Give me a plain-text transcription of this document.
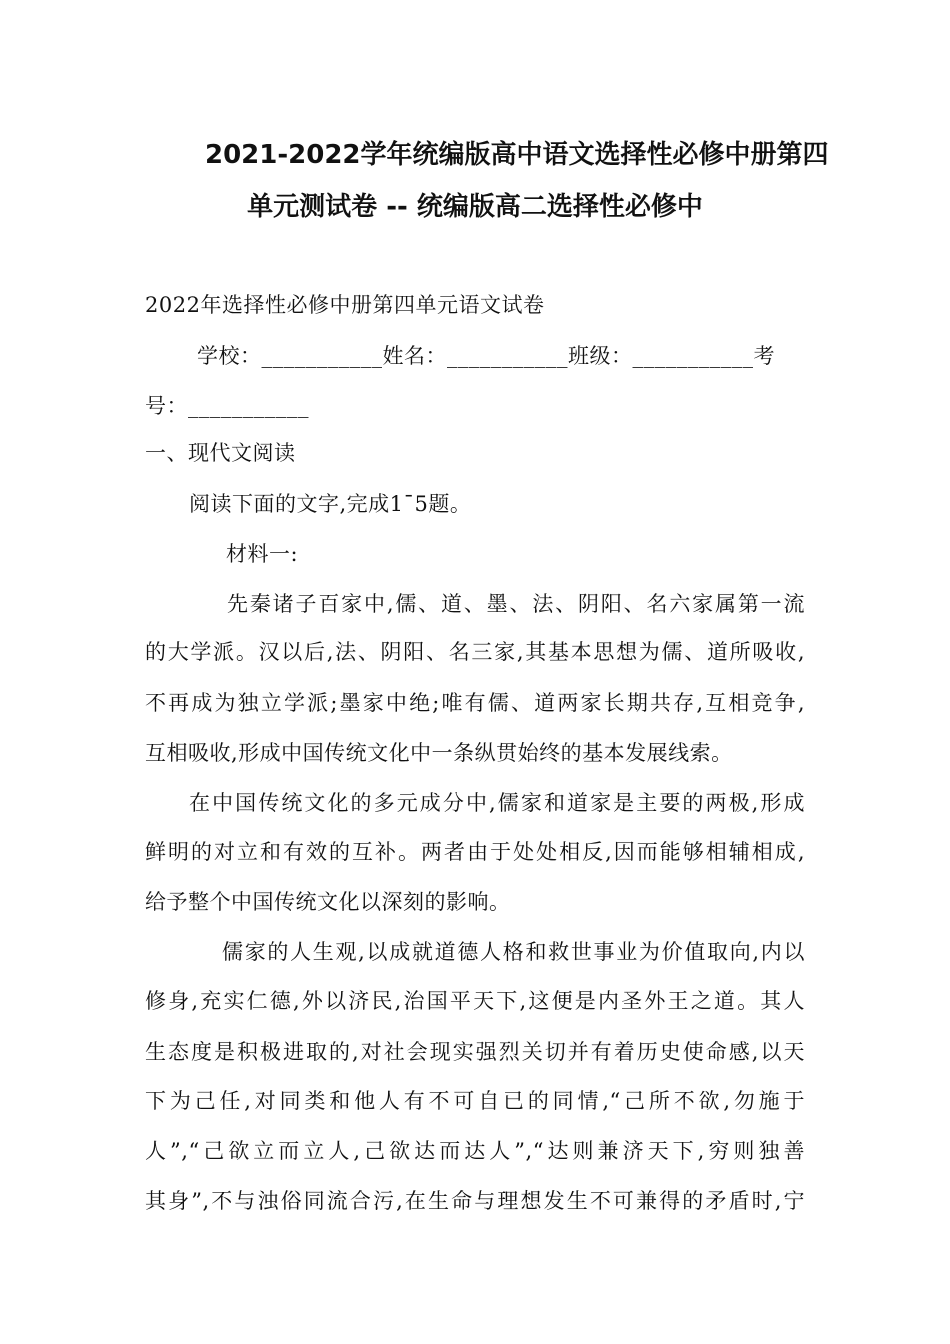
2021-2022学年统编版高中语文选择性必修中册第四
单元测试卷 -- 统编版高二选择性必修中
2022年选择性必修中册第四单元语文试卷
学校：___________姓名：___________班级：___________考
号：___________
一、现代文阅读
阅读下面的文字,完成1¯5题。
材料一:
先秦诸子百家中,儒、道、墨、法、阴阳、名六家属第一流
的大学派。汉以后,法、阴阳、名三家,其基本思想为儒、道所吸收,
不再成为独立学派;墨家中绝;唯有儒、道两家长期共存,互相竞争,
互相吸收,形成中国传统文化中一条纵贯始终的基本发展线索。
在中国传统文化的多元成分中,儒家和道家是主要的两极,形成
鲜明的对立和有效的互补。两者由于处处相反,因而能够相辅相成,
给予整个中国传统文化以深刻的影响。
儒家的人生观,以成就道德人格和救世事业为价值取向,内以
修身,充实仁德,外以济民,治国平天下,这便是内圣外王之道。其人
生态度是积极进取的,对社会现实强烈关切并有着历史使命感,以天
下为己任,对同类和他人有不可自已的同情,“己所不欲,勿施于
人”,“己欲立而立人,己欲达而达人”,“达则兼济天下,穷则独善
其身”,不与浊俗同流合污,在生命与理想发生不可兼得的矛盾时,宁
